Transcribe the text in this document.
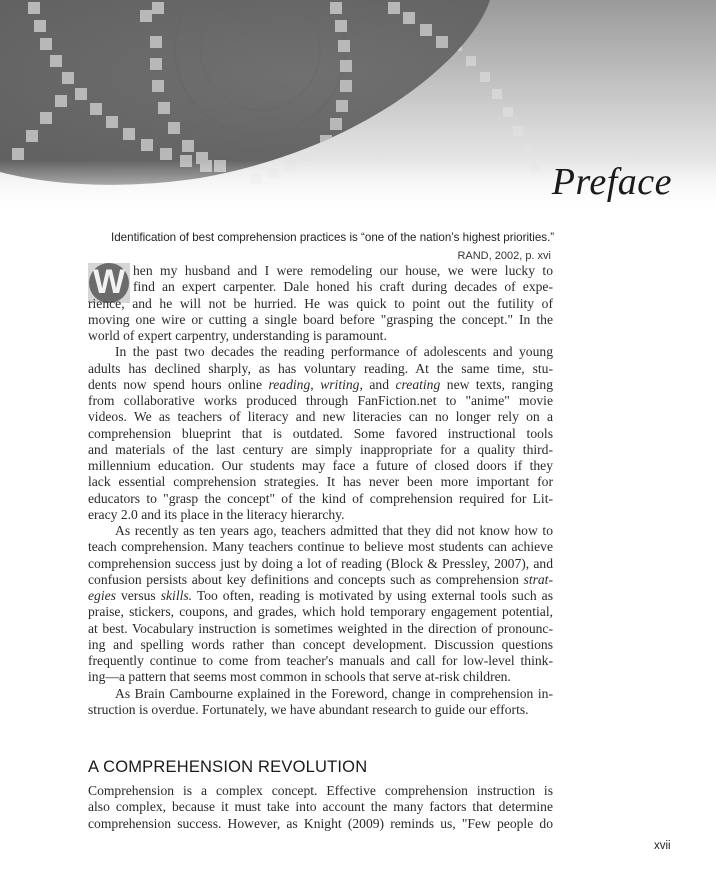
Preface

Identification of best comprehension practices is “one of the nation’s highest priorities.”

RAND, 2002, p. xvi

W hen my husband and I were remodeling our house, we were lucky to
find an expert carpenter. Dale honed his craft during decades of expe-
rience, and he will not be hurried. He was quick to point out the futility of
moving one wire or cutting a single board before "grasping the concept." In the
world of expert carpentry, understanding is paramount.
In the past two decades the reading performance of adolescents and young
adults has declined sharply, as has voluntary reading. At the same time, stu-
dents now spend hours online reading, writing, and creating new texts, ranging
from collaborative works produced through FanFiction.net to "anime" movie
videos. We as teachers of literacy and new literacies can no longer rely on a
comprehension blueprint that is outdated. Some favored instructional tools
and materials of the last century are simply inappropriate for a quality third-
millennium education. Our students may face a future of closed doors if they
lack essential comprehension strategies. It has never been more important for
educators to "grasp the concept" of the kind of comprehension required for Lit-
eracy 2.0 and its place in the literacy hierarchy.
As recently as ten years ago, teachers admitted that they did not know how to
teach comprehension. Many teachers continue to believe most students can achieve
comprehension success just by doing a lot of reading (Block & Pressley, 2007), and
confusion persists about key definitions and concepts such as comprehension strat-
egies versus skills. Too often, reading is motivated by using external tools such as
praise, stickers, coupons, and grades, which hold temporary engagement potential,
at best. Vocabulary instruction is sometimes weighted in the direction of pronounc-
ing and spelling words rather than concept development. Discussion questions
frequently continue to come from teacher's manuals and call for low-level think-
ing—a pattern that seems most common in schools that serve at-risk children.
As Brain Cambourne explained in the Foreword, change in comprehension in-
struction is overdue. Fortunately, we have abundant research to guide our efforts.
A COMPREHENSION REVOLUTION
Comprehension is a complex concept. Effective comprehension instruction is
also complex, because it must take into account the many factors that determine
comprehension success. However, as Knight (2009) reminds us, "Few people do
xvii
